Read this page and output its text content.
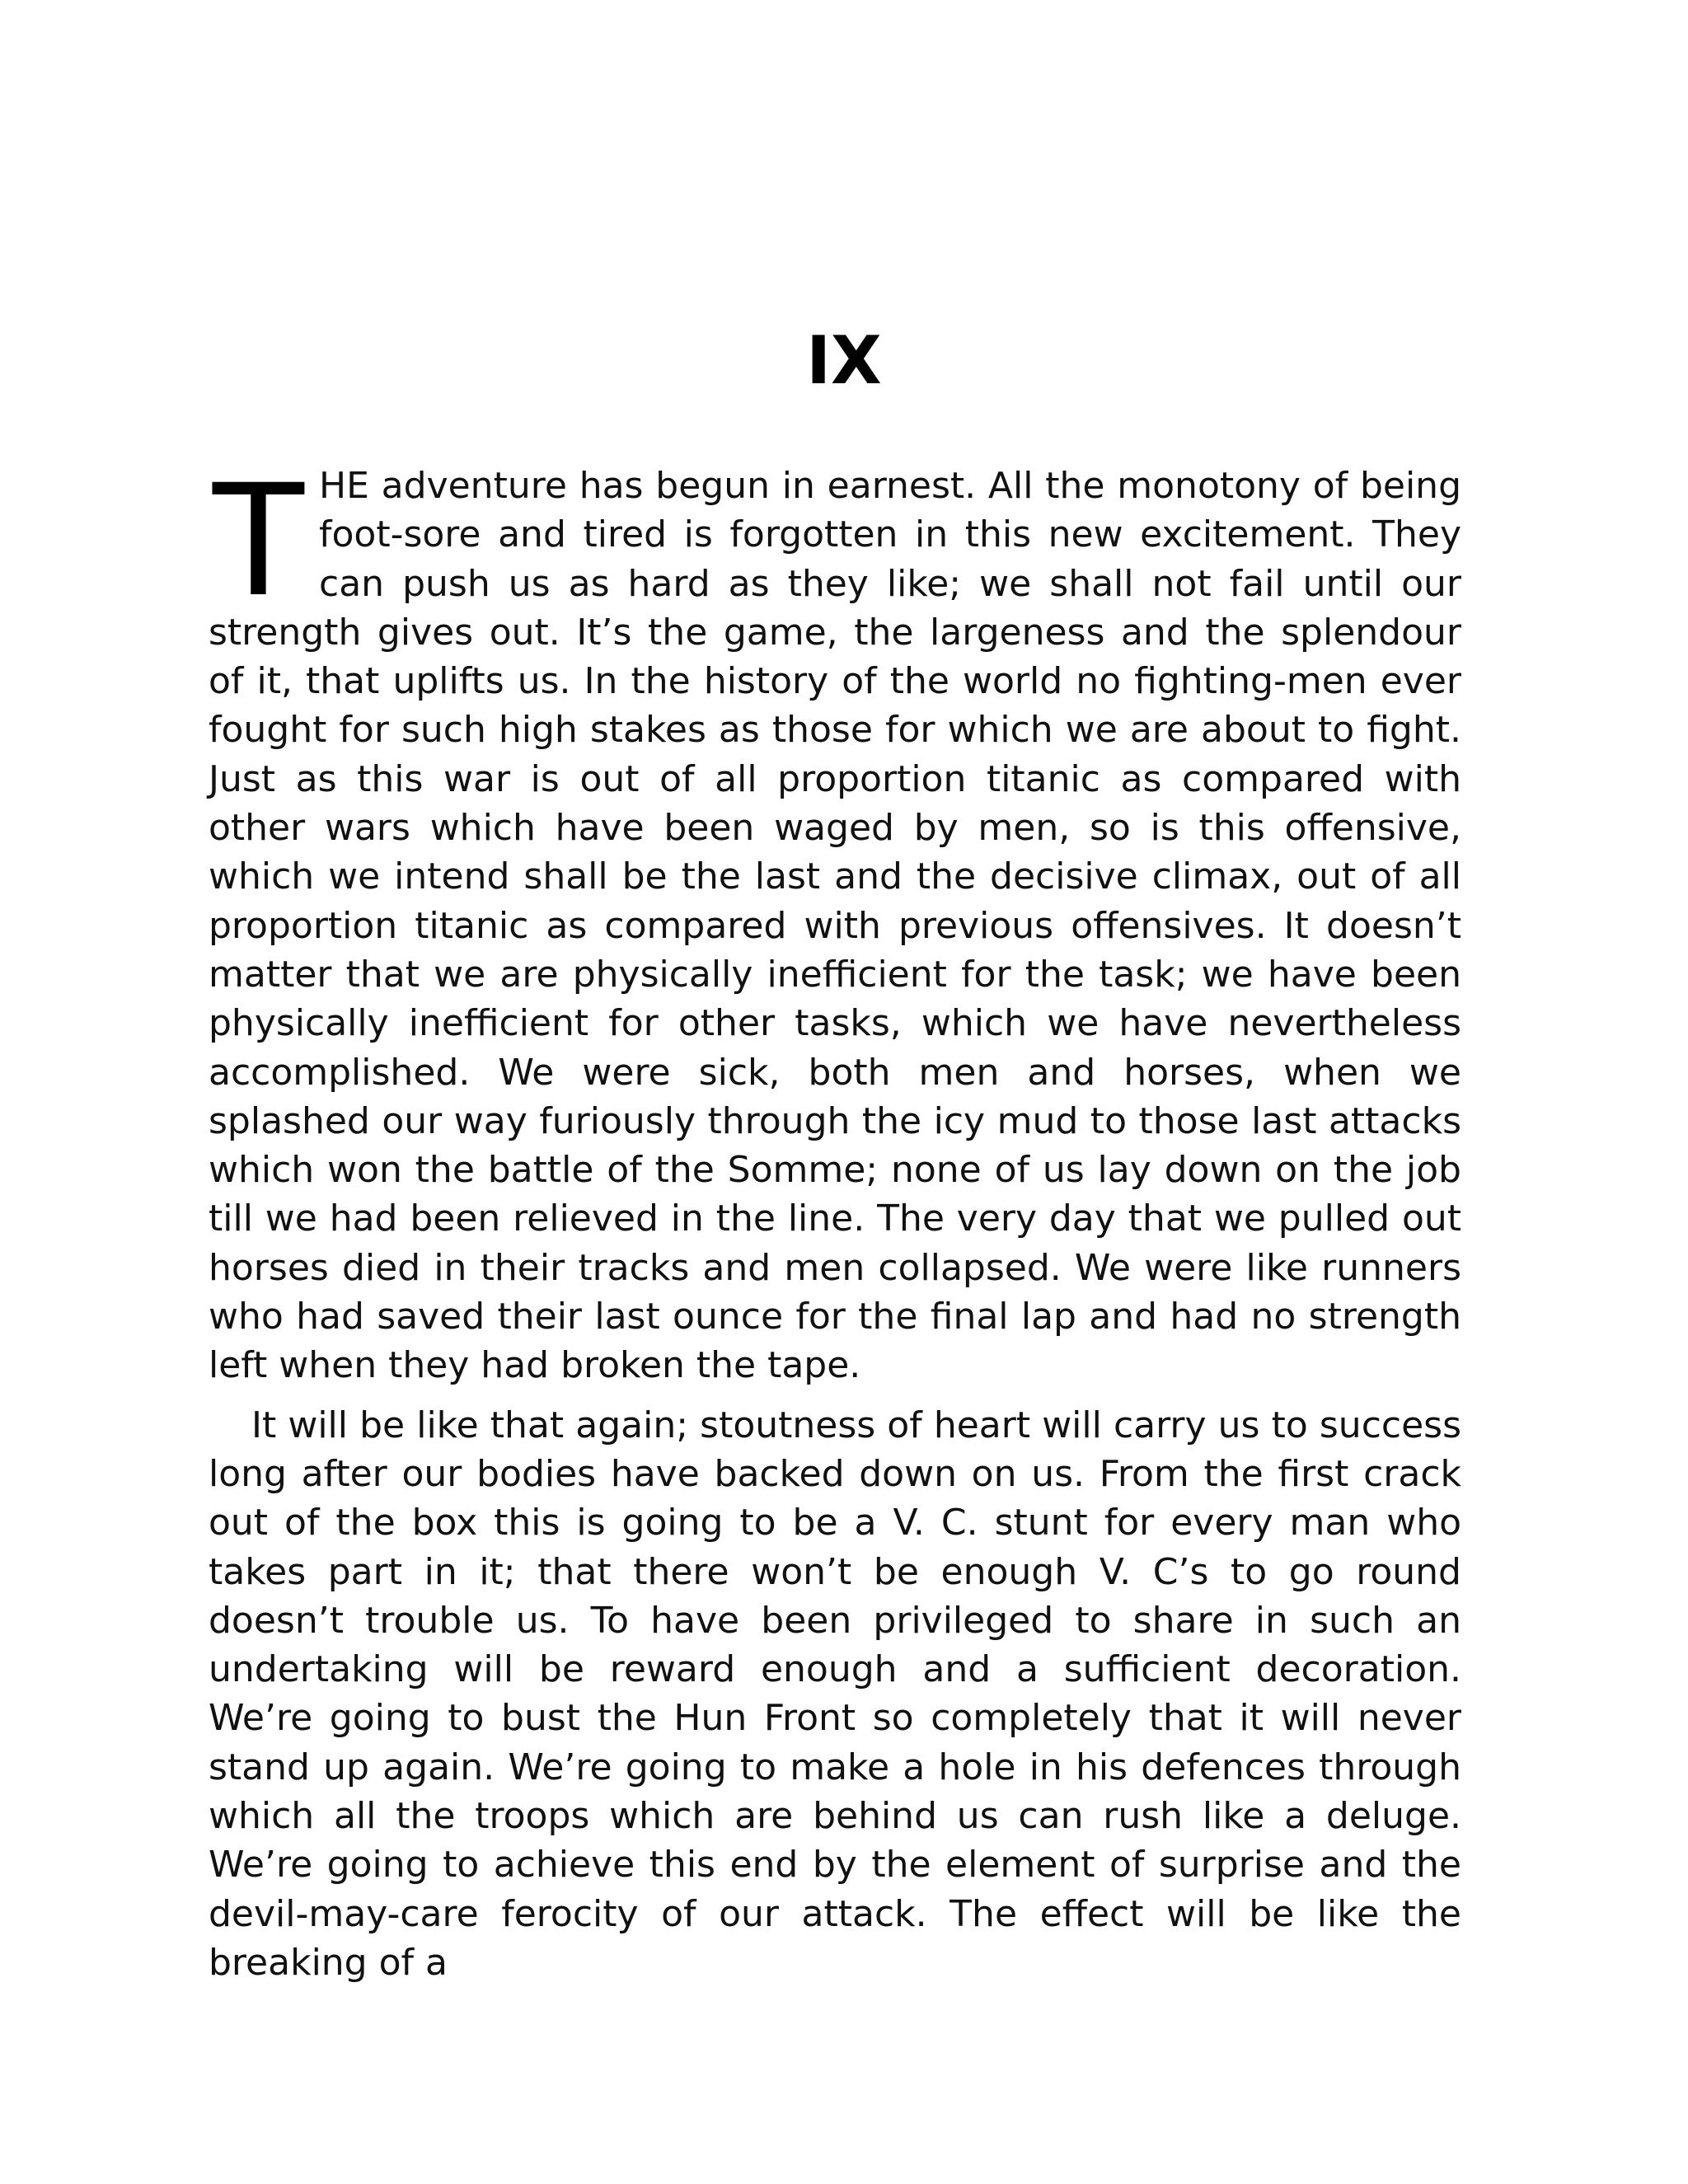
IX

THE adventure has begun in earnest. All the monotony of being foot-sore and tired is forgotten in this new excitement. They can push us as hard as they like; we shall not fail until our strength gives out. It’s the game, the largeness and the splendour of it, that uplifts us. In the history of the world no fighting-men ever fought for such high stakes as those for which we are about to fight. Just as this war is out of all proportion titanic as compared with other wars which have been waged by men, so is this offensive, which we intend shall be the last and the decisive climax, out of all proportion titanic as compared with previous offensives. It doesn’t matter that we are physically inefficient for the task; we have been physically inefficient for other tasks, which we have nevertheless accomplished. We were sick, both men and horses, when we splashed our way furiously through the icy mud to those last attacks which won the battle of the Somme; none of us lay down on the job till we had been relieved in the line. The very day that we pulled out horses died in their tracks and men collapsed. We were like runners who had saved their last ounce for the final lap and had no strength left when they had broken the tape.

It will be like that again; stoutness of heart will carry us to success long after our bodies have backed down on us. From the first crack out of the box this is going to be a V. C. stunt for every man who takes part in it; that there won’t be enough V. C’s to go round doesn’t trouble us. To have been privileged to share in such an undertaking will be reward enough and a sufficient decoration. We’re going to bust the Hun Front so completely that it will never stand up again. We’re going to make a hole in his defences through which all the troops which are behind us can rush like a deluge. We’re going to achieve this end by the element of surprise and the devil-may-care ferocity of our attack. The effect will be like the breaking of a
